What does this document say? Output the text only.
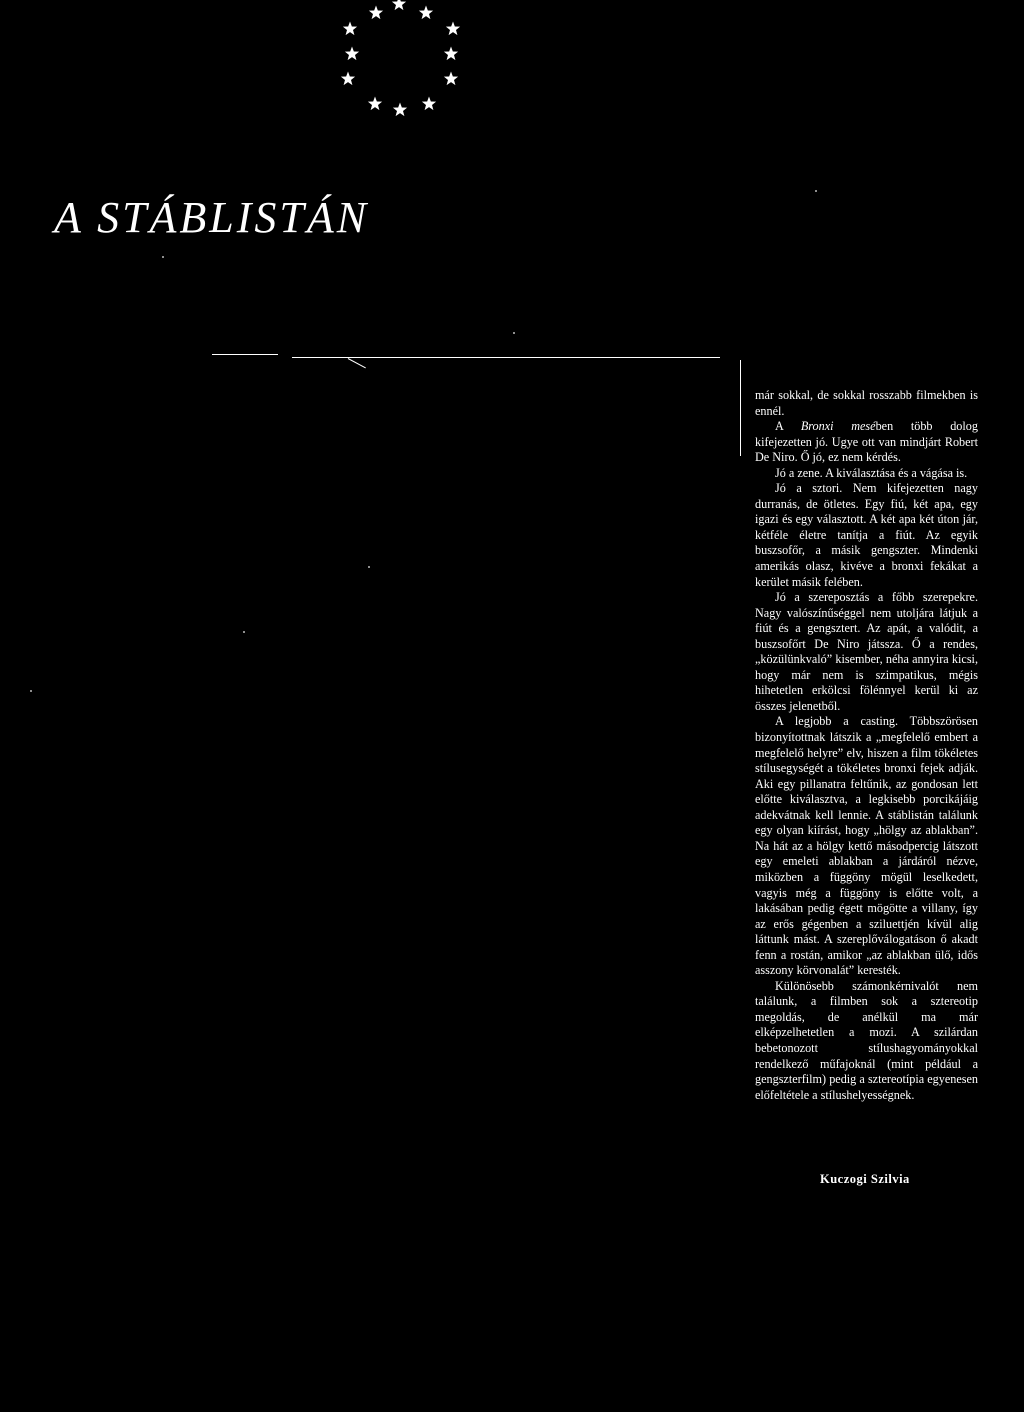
A STÁBLISTÁN

már sokkal, de sokkal rosszabb filmekben is ennél.

A Bronxi mesében több dolog kifejezetten jó. Ugye ott van mindjárt Robert De Niro. Ő jó, ez nem kérdés.

Jó a zene. A kiválasztása és a vágása is.

Jó a sztori. Nem kifejezetten nagy durranás, de ötletes. Egy fiú, két apa, egy igazi és egy választott. A két apa két úton jár, kétféle életre tanítja a fiút. Az egyik buszsofőr, a másik gengszter. Mindenki amerikás olasz, kivéve a bronxi fekákat a kerület másik felében.

Jó a szereposztás a főbb szerepekre. Nagy valószínűséggel nem utoljára látjuk a fiút és a gengsztert. Az apát, a valódit, a buszsofőrt De Niro játssza. Ő a rendes, „közülünkvaló” kisember, néha annyira kicsi, hogy már nem is szimpatikus, mégis hihetetlen erkölcsi fölénnyel kerül ki az összes jelenetből.

A legjobb a casting. Többszörösen bizonyítottnak látszik a „megfelelő embert a megfelelő helyre” elv, hiszen a film tökéletes stílusegységét a tökéletes bronxi fejek adják. Aki egy pillanatra feltűnik, az gondosan lett előtte kiválasztva, a legkisebb porcikájáig adekvátnak kell lennie. A stáblistán találunk egy olyan kiírást, hogy „hölgy az ablakban”. Na hát az a hölgy kettő másodpercig látszott egy emeleti ablakban a járdáról nézve, miközben a függöny mögül leselkedett, vagyis még a függöny is előtte volt, a lakásában pedig égett mögötte a villany, így az erős gégenben a sziluettjén kívül alig láttunk mást. A szereplőválogatáson ő akadt fenn a rostán, amikor „az ablakban ülő, idős asszony körvonalát” keresték.

Különösebb számonkérnivalót nem találunk, a filmben sok a sztereotip megoldás, de anélkül ma már elképzelhetetlen a mozi. A szilárdan bebetonozott stílushagyományokkal rendelkező műfajoknál (mint például a gengszterfilm) pedig a sztereotípia egyenesen előfeltétele a stílushelyességnek.

Kuczogi Szilvia
